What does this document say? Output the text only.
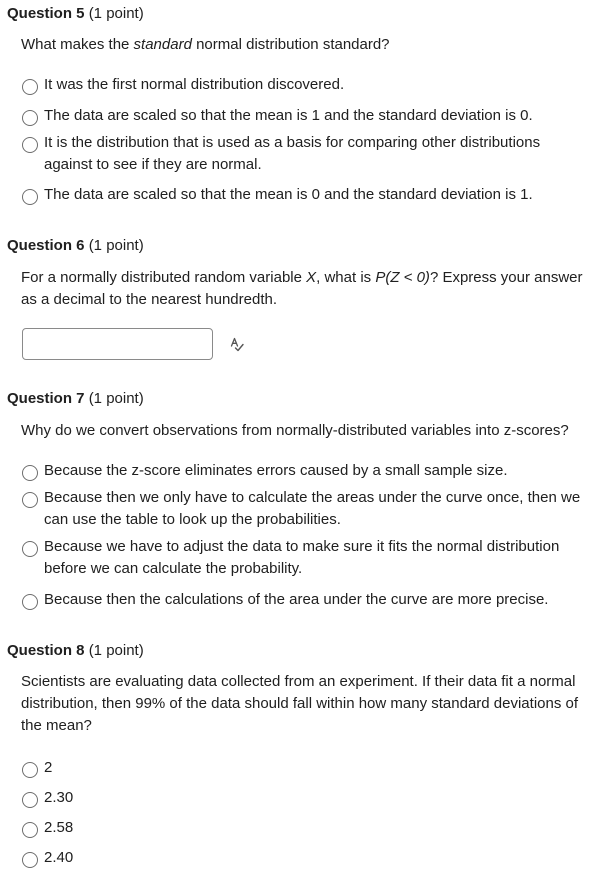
Question 5 (1 point)
What makes the standard normal distribution standard?
It was the first normal distribution discovered.
The data are scaled so that the mean is 1 and the standard deviation is 0.
It is the distribution that is used as a basis for comparing other distributions against to see if they are normal.
The data are scaled so that the mean is 0 and the standard deviation is 1.
Question 6 (1 point)
For a normally distributed random variable X, what is P(Z < 0)? Express your answer as a decimal to the nearest hundredth.
Question 7 (1 point)
Why do we convert observations from normally-distributed variables into z-scores?
Because the z-score eliminates errors caused by a small sample size.
Because then we only have to calculate the areas under the curve once, then we can use the table to look up the probabilities.
Because we have to adjust the data to make sure it fits the normal distribution before we can calculate the probability.
Because then the calculations of the area under the curve are more precise.
Question 8 (1 point)
Scientists are evaluating data collected from an experiment. If their data fit a normal distribution, then 99% of the data should fall within how many standard deviations of the mean?
2
2.30
2.58
2.40
